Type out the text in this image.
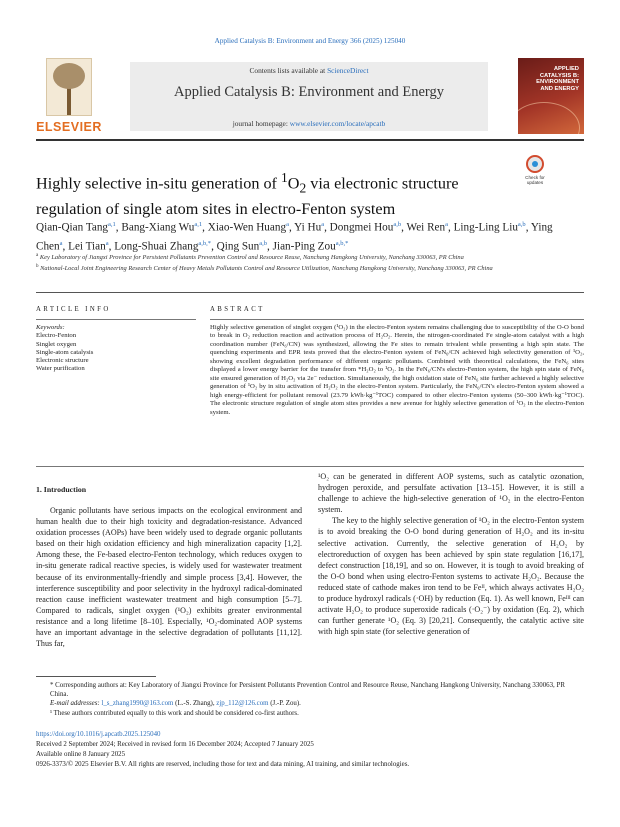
Applied Catalysis B: Environment and Energy 366 (2025) 125040
ELSEVIER
Contents lists available at ScienceDirect
Applied Catalysis B: Environment and Energy
journal homepage: www.elsevier.com/locate/apcatb
APPLIED
CATALYSIS B:
ENVIRONMENT
AND ENERGY
Highly selective in-situ generation of $^1O_2$ via electronic structure regulation of single atom sites in electro-Fenton system
Check for
updates
Qian-Qian Tang$^{a,1}$, Bang-Xiang Wu$^{a,1}$, Xiao-Wen Huang$^a$, Yi Hu$^a$, Dongmei Hou$^{a,b}$, Wei Ren$^a$, Ling-Ling Liu$^{a,b}$, Ying Chen$^a$, Lei Tian$^a$, Long-Shuai Zhang$^{a,b,*}$, Qing Sun$^{a,b}$, Jian-Ping Zou$^{a,b,*}$
$^a$ Key Laboratory of Jiangxi Province for Persistent Pollutants Prevention Control and Resource Reuse, Nanchang Hangkong University, Nanchang 330063, PR China
$^b$ National-Local Joint Engineering Research Center of Heavy Metals Pollutants Control and Resource Utilization, Nanchang Hangkong University, Nanchang 330063, PR China
ARTICLE INFO	ABSTRACT
Keywords:
Electro-Fenton
Singlet oxygen
Single-atom catalysis
Electronic structure
Water purification
Highly selective generation of singlet oxygen (¹O₂) in the electro-Fenton system remains challenging due to susceptibility of the O-O bond to break in O₂ reduction reaction and activation process of H₂O₂. Herein, the nitrogen-coordinated Fe single-atom catalyst with a high coordination number (FeN₆/CN) was synthesized, allowing the Fe sites to remain trivalent while presenting a high spin state. The quenching experiments and EPR tests proved that the electro-Fenton system of FeN₆/CN achieved high selectivity generation of ¹O₂, showing excellent degradation performance of different organic pollutants. Combined with theoretical calculations, the FeN₆ sites displayed a lower energy barrier for the transfer from *H₂O₂ to ¹O₂. In the FeN₆/CN's electro-Fenton system, the high spin state of FeN₆ site ensured generation of H₂O₂ via 2e⁻ reduction. Simultaneously, the high oxidation state of FeN₆ site further achieved a highly selective generation of ¹O₂ by in situ activation of H₂O₂ in the electro-Fenton system. Particularly, the FeN₆/CN's electro-Fenton system showed a high energy-efficient for pollutant removal (23.79 kWh·kg⁻¹TOC) compared to other electro-Fenton systems (50–300 kWh·kg⁻¹TOC). The electronic structure regulation of single atom sites provides a new avenue for highly selective generation of ¹O₂ in the electro-Fenton system.
1. Introduction
Organic pollutants have serious impacts on the ecological environment and human health due to their high toxicity and degradation-resistance. Advanced oxidation processes (AOPs) have been widely used to degrade organic pollutants based on their high oxidation efficiency and high mineralization capacity [1,2]. Among these, the Fe-based electro-Fenton technology, which reduces oxygen to in-situ generate radical reactive species, is widely used for wastewater treatment because of its environmentally-friendly and simple process [3,4]. However, the interference susceptibility and poor selectivity in the hydroxyl radical-dominated reaction cause inefficient wastewater treatment and high consumption [5–7]. Compared to radicals, singlet oxygen (¹O₂) exhibits greater environmental resistance and a long lifetime [8–10]. Especially, ¹O₂-dominated AOP systems have an important advantage in the selective degradation of pollutants [11,12]. Thus far,
¹O₂ can be generated in different AOP systems, such as catalytic ozonation, hydrogen peroxide, and persulfate activation [13–15]. However, it is still a challenge to achieve the high-selective generation of ¹O₂ in the electro-Fenton system.
The key to the highly selective generation of ¹O₂ in the electro-Fenton system is to avoid breaking the O-O bond during generation of H₂O₂ and its in-situ selective activation. Currently, the selective generation of H₂O₂ by electroreduction of oxygen has been achieved by spin state regulation [16,17], defect construction [18,19], and so on. However, it is tough to avoid breaking of the O-O bond when using electro-Fenton systems to activate H₂O₂. Because the reduced state of cathode makes iron tend to be Feᴵᴵ, which always activates H₂O₂ to produce hydroxyl radicals (·OH) by reduction (Eq. 1). As well known, Feᴵᴵᴵ can activate H₂O₂ to produce superoxide radicals (·O₂⁻) by oxidation (Eq. 2), which can further generate ¹O₂ (Eq. 3) [20,21]. Consequently, the catalytic active site with high spin state (for selective generation of
* Corresponding authors at: Key Laboratory of Jiangxi Province for Persistent Pollutants Prevention Control and Resource Reuse, Nanchang Hangkong University, Nanchang 330063, PR China.
E-mail addresses: l_s_zhang1990@163.com (L.-S. Zhang), zjp_112@126.com (J.-P. Zou).
¹ These authors contributed equally to this work and should be considered co-first authors.
https://doi.org/10.1016/j.apcatb.2025.125040
Received 2 September 2024; Received in revised form 16 December 2024; Accepted 7 January 2025
Available online 8 January 2025
0926-3373/© 2025 Elsevier B.V. All rights are reserved, including those for text and data mining, AI training, and similar technologies.
